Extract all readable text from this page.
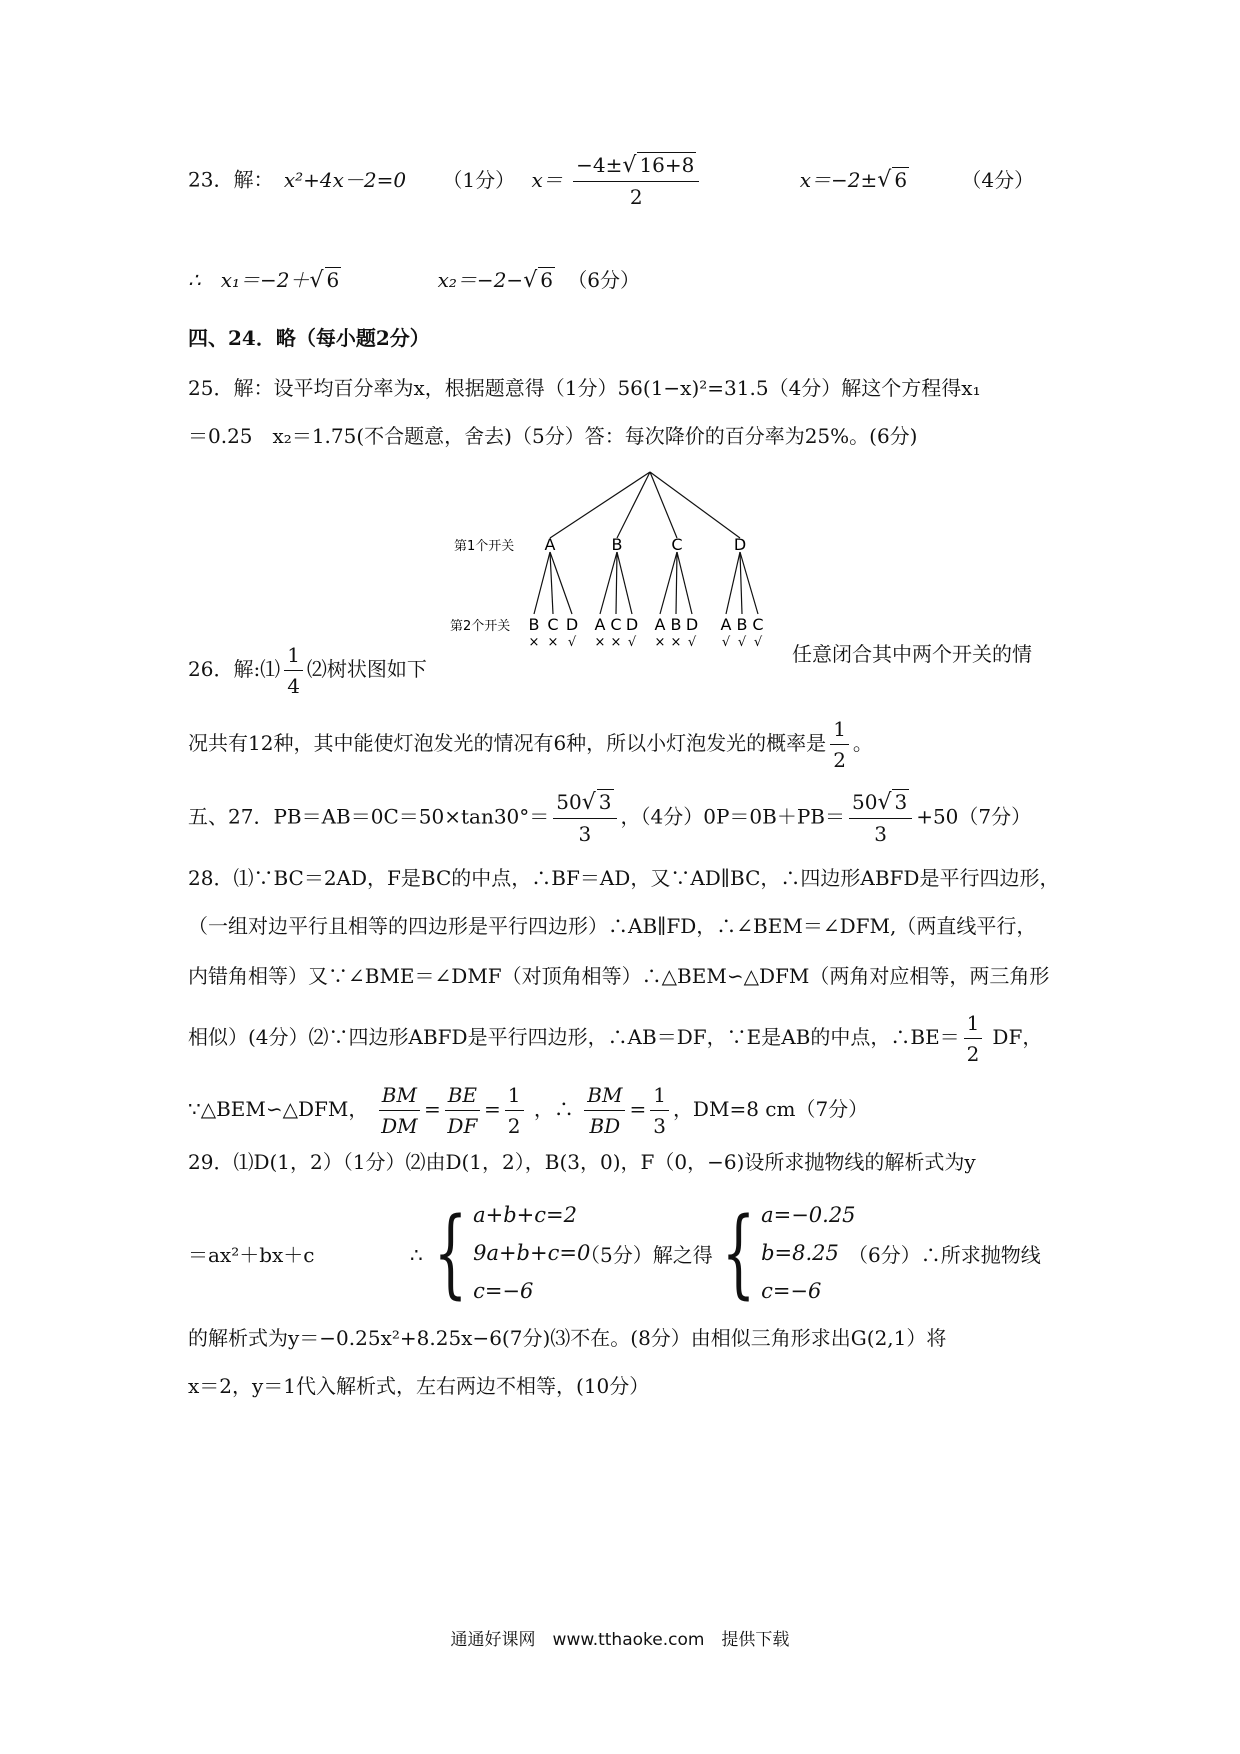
23．解： x²+4x－2=0 （1分） $x= \frac{-4\pm√ 16+8}{2}$	x＝−2±√ 6	（4分）
∴　x₁＝−2＋√ 6	x₂＝−2−√ 6 （6分）
四、24．略（每小题2分）
25．解：设平均百分率为x，根据题意得（1分）56(1−x)²=31.5（4分）解这个方程得x₁
＝0.25　x₂＝1.75(不合题意，舍去)（5分）答：每次降价的百分率为25%。(6分)
第1个开关
第2个开关
A	B	C	D
B C D A C D A B D A B C
× × √ × × √ × × √ √ √ √
26．解:⑴ $\frac{1}{4}$ ⑵树状图如下
任意闭合其中两个开关的情
况共有12种，其中能使灯泡发光的情况有6种，所以小灯泡发光的概率是 $\frac{1}{2}$ 。
五、27．$PB=AB=0C=50\times\tan 30^\circ= \frac{50√ 3}{3}$ ，（4分）$0P=0B+PB= \frac{50√ 3}{3} +50(7$分）
28．⑴∵BC＝2AD，F是BC的中点，∴BF＝AD，又∵AD∥BC，∴四边形ABFD是平行四边形，
（一组对边平行且相等的四边形是平行四边形）∴AB∥FD，∴∠BEM＝∠DFM,（两直线平行，
内错角相等）又∵∠BME＝∠DMF（对顶角相等）∴△BEM∽△DFM（两角对应相等，两三角形
相似）(4分）⑵∵四边形ABFD是平行四边形，∴AB＝DF，∵E是AB的中点，∴BE＝ $\frac{1}{2}$ DF，
∵△BEM∽△DFM， $\frac{BM}{DM} = \frac{BE}{DF} = \frac{1}{2}$ ，∴ $\frac{BM}{BD} = \frac{1}{3}$ ，DM=8 cm（7分）
29．⑴D(1，2）（1分）⑵由D(1，2），B(3，0)，F（0，−6)设所求抛物线的解析式为y
＝ax²＋bx＋c	∴ { a+b+c=2
9a+b+c=0
c=−6
（5分）解之得 { a=−0.25
b=8.25
c=−6
（6分）∴所求抛物线
的解析式为y＝−0.25x²+8.25x−6(7分)⑶不在。(8分）由相似三角形求出G(2,1）将
x＝2，y＝1代入解析式，左右两边不相等，(10分）
通通好课网　www.tthaoke.com　提供下载
